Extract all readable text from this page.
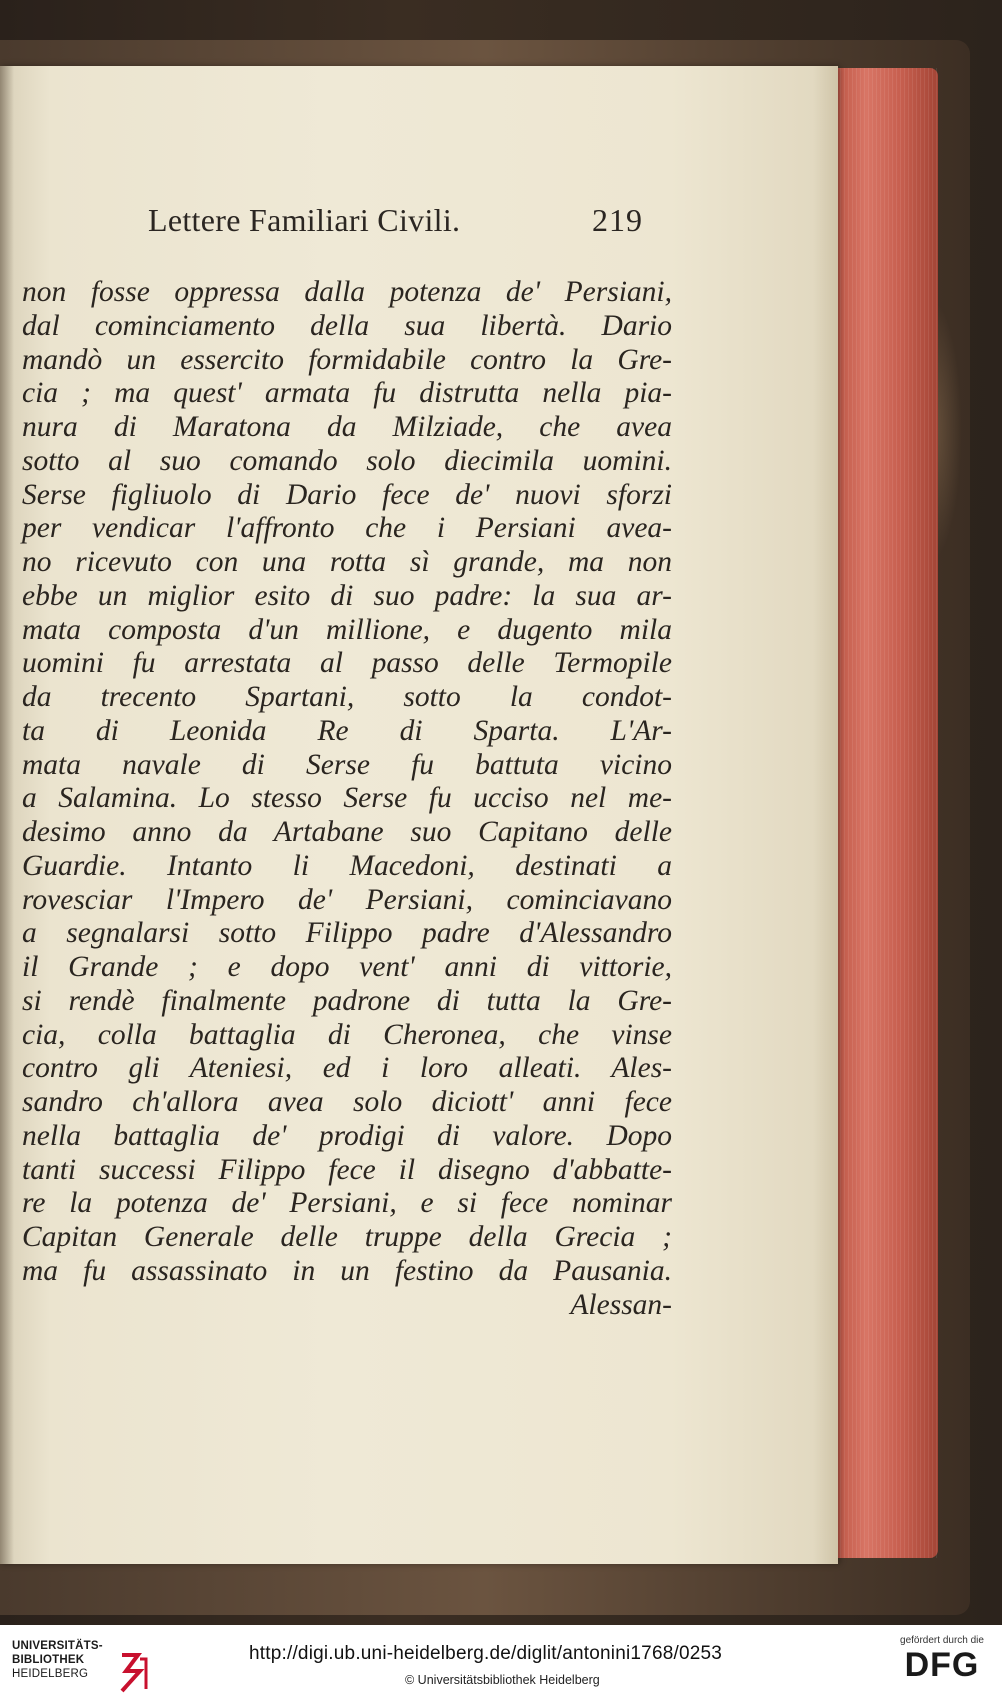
Lettere Familiari Civili.	219
non fosse oppressa dalla potenza de' Persiani,
dal cominciamento della sua libertà. Dario
mandò un essercito formidabile contro la Gre-
cia ; ma quest' armata fu distrutta nella pia-
nura di Maratona da Milziade, che avea
sotto al suo comando solo diecimila uomini.
Serse figliuolo di Dario fece de' nuovi sforzi
per vendicar l'affronto che i Persiani avea-
no ricevuto con una rotta sì grande, ma non
ebbe un miglior esito di suo padre: la sua ar-
mata composta d'un millione, e dugento mila
uomini fu arrestata al passo delle Termopile
da trecento Spartani, sotto la condot-
ta di Leonida Re di Sparta. L'Ar-
mata navale di Serse fu battuta vicino
a Salamina. Lo stesso Serse fu ucciso nel me-
desimo anno da Artabane suo Capitano delle
Guardie. Intanto li Macedoni, destinati a
rovesciar l'Impero de' Persiani, cominciavano
a segnalarsi sotto Filippo padre d'Alessandro
il Grande ; e dopo vent' anni di vittorie,
si rendè finalmente padrone di tutta la Gre-
cia, colla battaglia di Cheronea, che vinse
contro gli Ateniesi, ed i loro alleati. Ales-
sandro ch'allora avea solo diciott' anni fece
nella battaglia de' prodigi di valore. Dopo
tanti successi Filippo fece il disegno d'abbatte-
re la potenza de' Persiani, e si fece nominar
Capitan Generale delle truppe della Grecia ;
ma fu assassinato in un festino da Pausania.
Alessan-
UNIVERSITÄTS-
BIBLIOTHEK
HEIDELBERG
http://digi.ub.uni-heidelberg.de/diglit/antonini1768/0253
© Universitätsbibliothek Heidelberg
gefördert durch die
DFG
